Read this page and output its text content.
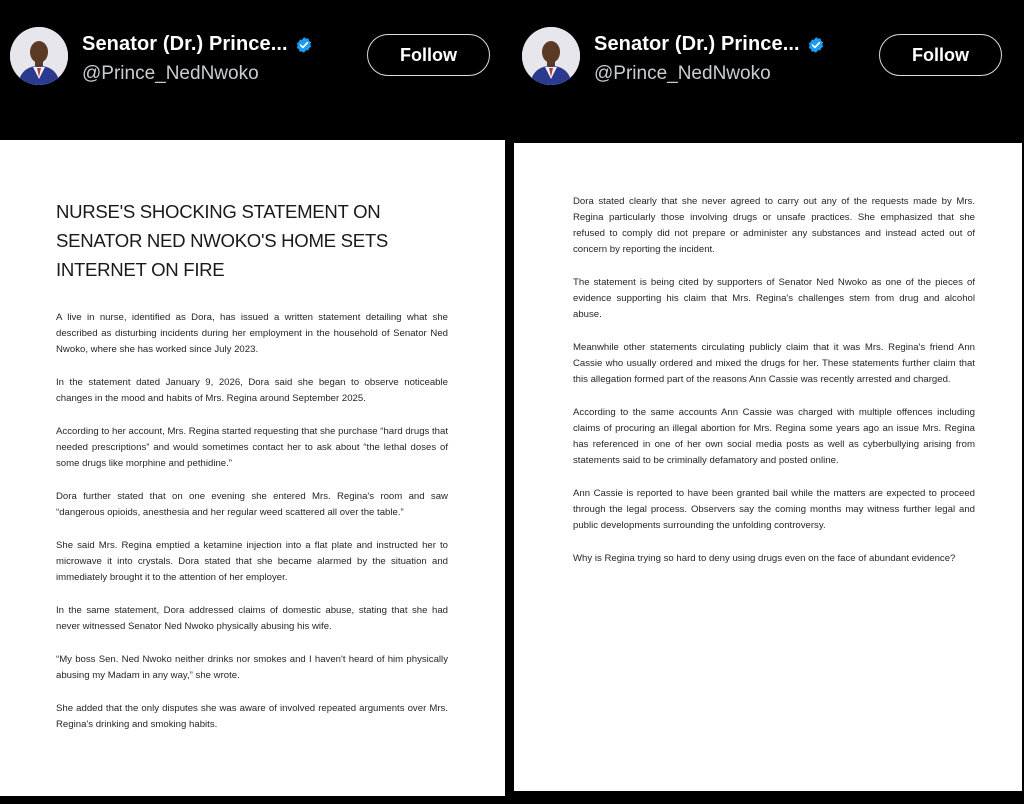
Senator (Dr.) Prince...
@Prince_NedNwoko
Follow
NURSE'S SHOCKING STATEMENT ON
SENATOR NED NWOKO'S HOME SETS
INTERNET ON FIRE

A live in nurse, identified as Dora, has issued a written statement detailing what she described as disturbing incidents during her employment in the household of Senator Ned Nwoko, where she has worked since July 2023.

In the statement dated January 9, 2026, Dora said she began to observe noticeable changes in the mood and habits of Mrs. Regina around September 2025.

According to her account, Mrs. Regina started requesting that she purchase “hard drugs that needed prescriptions” and would sometimes contact her to ask about “the lethal doses of some drugs like morphine and pethidine.”

Dora further stated that on one evening she entered Mrs. Regina's room and saw “dangerous opioids, anesthesia and her regular weed scattered all over the table.”

She said Mrs. Regina emptied a ketamine injection into a flat plate and instructed her to microwave it into crystals. Dora stated that she became alarmed by the situation and immediately brought it to the attention of her employer.

In the same statement, Dora addressed claims of domestic abuse, stating that she had never witnessed Senator Ned Nwoko physically abusing his wife.

“My boss Sen. Ned Nwoko neither drinks nor smokes and I haven't heard of him physically abusing my Madam in any way,” she wrote.

She added that the only disputes she was aware of involved repeated arguments over Mrs. Regina's drinking and smoking habits.

Senator (Dr.) Prince...
@Prince_NedNwoko
Follow

Dora stated clearly that she never agreed to carry out any of the requests made by Mrs. Regina particularly those involving drugs or unsafe practices. She emphasized that she refused to comply did not prepare or administer any substances and instead acted out of concern by reporting the incident.

The statement is being cited by supporters of Senator Ned Nwoko as one of the pieces of evidence supporting his claim that Mrs. Regina's challenges stem from drug and alcohol abuse.

Meanwhile other statements circulating publicly claim that it was Mrs. Regina's friend Ann Cassie who usually ordered and mixed the drugs for her. These statements further claim that this allegation formed part of the reasons Ann Cassie was recently arrested and charged.

According to the same accounts Ann Cassie was charged with multiple offences including claims of procuring an illegal abortion for Mrs. Regina some years ago an issue Mrs. Regina has referenced in one of her own social media posts as well as cyberbullying arising from statements said to be criminally defamatory and posted online.

Ann Cassie is reported to have been granted bail while the matters are expected to proceed through the legal process. Observers say the coming months may witness further legal and public developments surrounding the unfolding controversy.

Why is Regina trying so hard to deny using drugs even on the face of abundant evidence?
